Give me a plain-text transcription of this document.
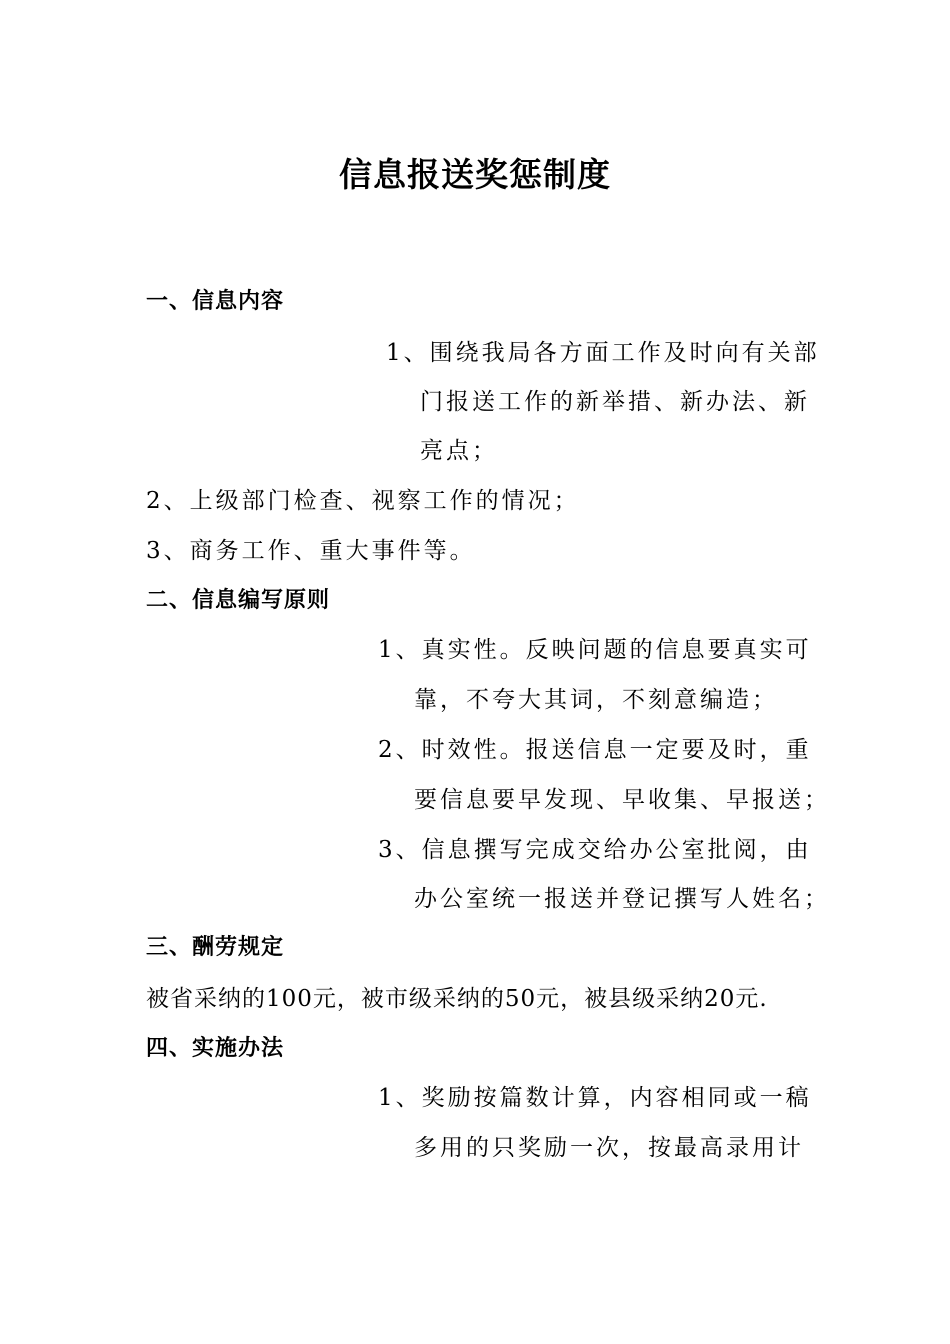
信息报送奖惩制度
一、信息内容
1、围绕我局各方面工作及时向有关部
门报送工作的新举措、新办法、新
亮点；
2、上级部门检查、视察工作的情况；
3、商务工作、重大事件等。
二、信息编写原则
1、真实性。反映问题的信息要真实可
靠，不夸大其词，不刻意编造；
2、时效性。报送信息一定要及时，重
要信息要早发现、早收集、早报送；
3、信息撰写完成交给办公室批阅，由
办公室统一报送并登记撰写人姓名；
三、酬劳规定
被省采纳的100元，被市级采纳的50元，被县级采纳20元.
四、实施办法
1、奖励按篇数计算，内容相同或一稿
多用的只奖励一次，按最高录用计
